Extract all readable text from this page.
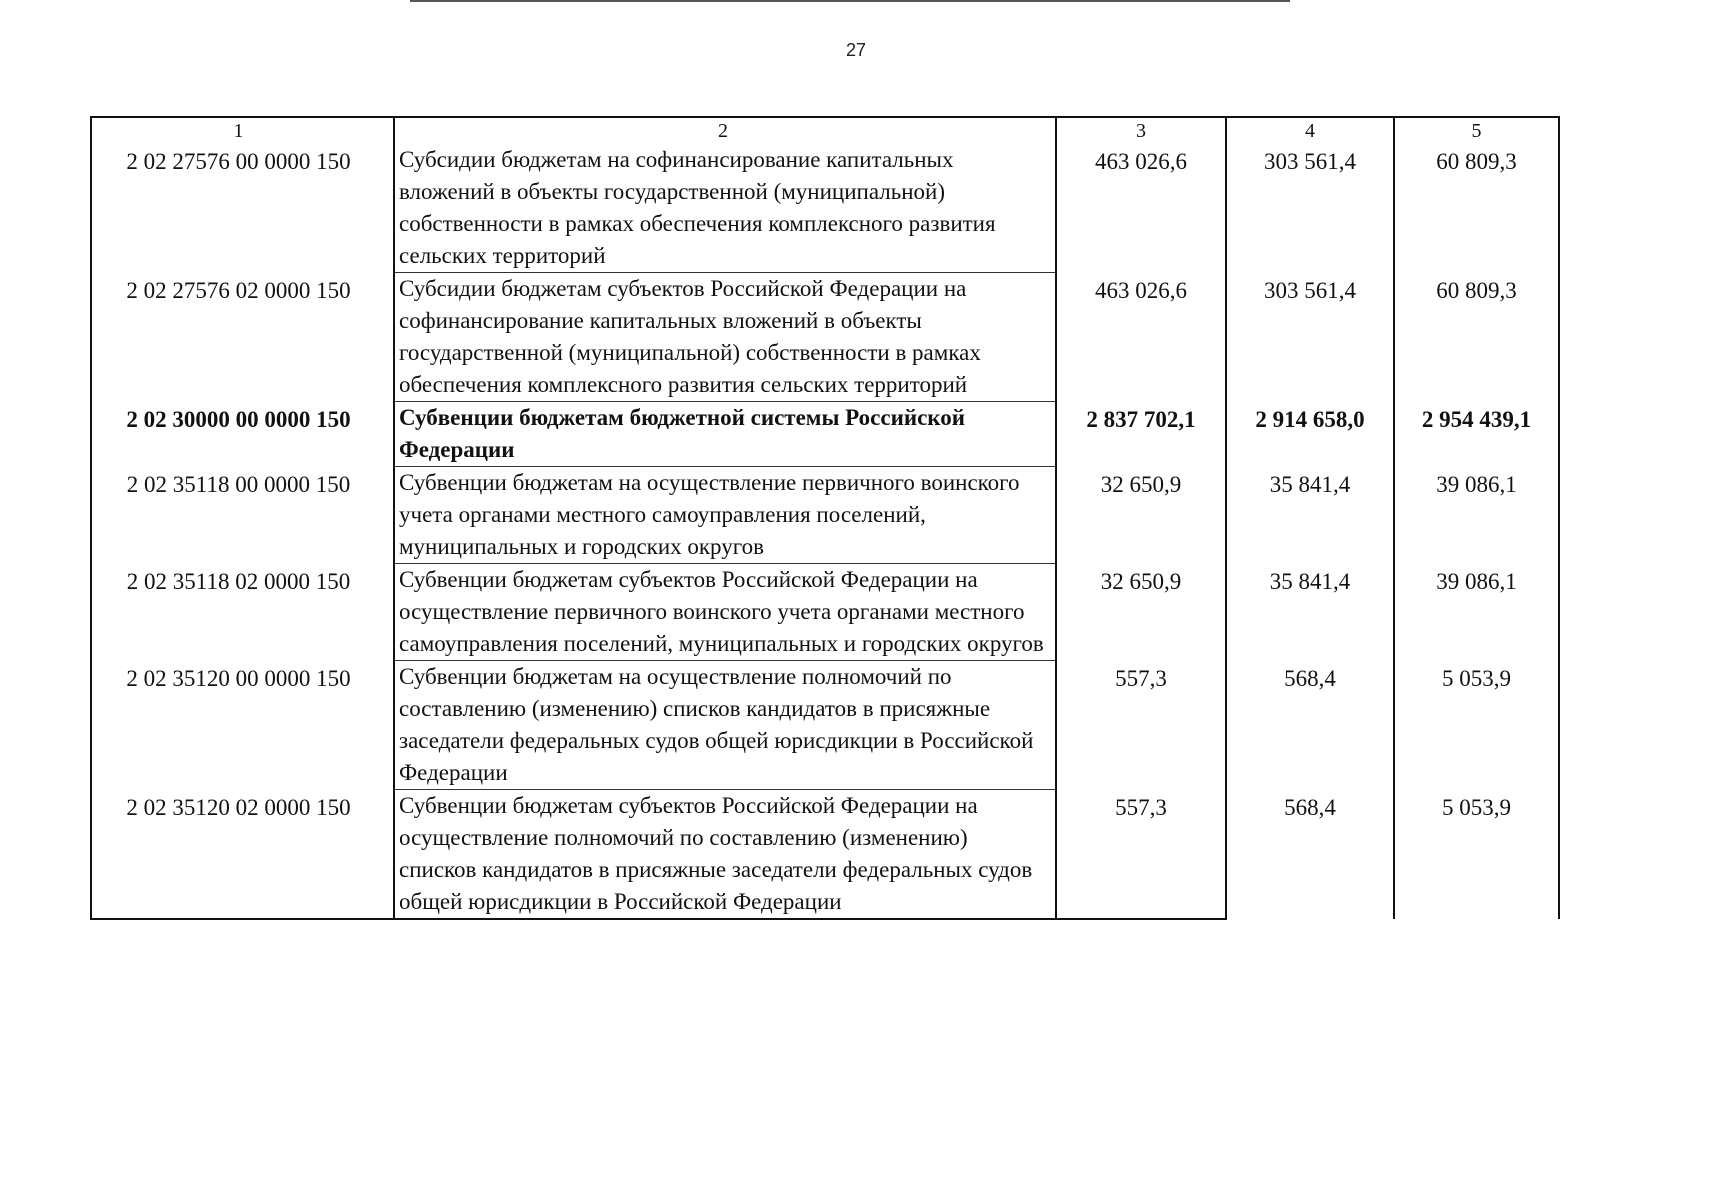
27
1	2	3	4	5
2 02 27576 00 0000 150	Субсидии бюджетам на софинансирование капитальных вложений в объекты государственной (муниципальной) собственности в рамках обеспечения комплексного развития сельских территорий	463 026,6	303 561,4	60 809,3
2 02 27576 02 0000 150	Субсидии бюджетам субъектов Российской Федерации на софинансирование капитальных вложений в объекты государственной (муниципальной) собственности в рамках обеспечения комплексного развития сельских территорий	463 026,6	303 561,4	60 809,3
2 02 30000 00 0000 150	Субвенции бюджетам бюджетной системы Российской Федерации	2 837 702,1	2 914 658,0	2 954 439,1
2 02 35118 00 0000 150	Субвенции бюджетам на осуществление первичного воинского учета органами местного самоуправления поселений, муниципальных и городских округов	32 650,9	35 841,4	39 086,1
2 02 35118 02 0000 150	Субвенции бюджетам субъектов Российской Федерации на осуществление первичного воинского учета органами местного самоуправления поселений, муниципальных и городских округов	32 650,9	35 841,4	39 086,1
2 02 35120 00 0000 150	Субвенции бюджетам на осуществление полномочий по составлению (изменению) списков кандидатов в присяжные заседатели федеральных судов общей юрисдикции в Российской Федерации	557,3	568,4	5 053,9
2 02 35120 02 0000 150	Субвенции бюджетам субъектов Российской Федерации на осуществление полномочий по составлению (изменению) списков кандидатов в присяжные заседатели федеральных судов общей юрисдикции в Российской Федерации	557,3	568,4	5 053,9
